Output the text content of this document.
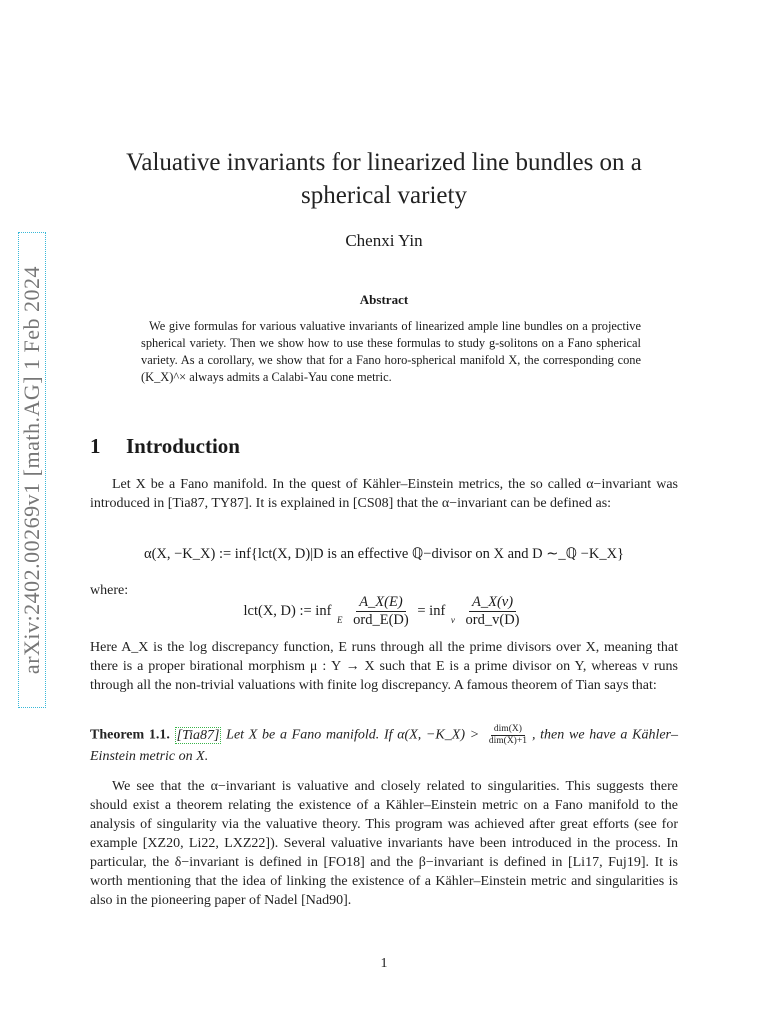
arXiv:2402.00269v1 [math.AG] 1 Feb 2024
Valuative invariants for linearized line bundles on a spherical variety
Chenxi Yin
Abstract
We give formulas for various valuative invariants of linearized ample line bundles on a projective spherical variety. Then we show how to use these formulas to study g-solitons on a Fano spherical variety. As a corollary, we show that for a Fano horo-spherical manifold X, the corresponding cone (K_X)^× always admits a Calabi-Yau cone metric.
1 Introduction
Let X be a Fano manifold. In the quest of Kähler–Einstein metrics, the so called α−invariant was introduced in [Tia87, TY87]. It is explained in [CS08] that the α−invariant can be defined as:
α(X, −K_X) := inf{lct(X, D)|D is an effective ℚ−divisor on X and D ∼_ℚ −K_X}
where:
lct(X, D) := inf
E
$\frac{A\_X(E)}{\text{ord\_E(D)}}$ = inf
v
$\frac{A\_X(v)}{\text{ord\_v(D)}}$
Here A_X is the log discrepancy function, E runs through all the prime divisors over X, meaning that there is a proper birational morphism μ : Y → X such that E is a prime divisor on Y, whereas v runs through all the non-trivial valuations with finite log discrepancy. A famous theorem of Tian says that:
Theorem 1.1. [Tia87] Let X be a Fano manifold. If α(X, −K_X) > $\frac{\text{dim(X)}}{\text{dim(X)+1}}$ , then we have a Kähler–Einstein metric on X.
We see that the α−invariant is valuative and closely related to singularities. This suggests there should exist a theorem relating the existence of a Kähler–Einstein metric on a Fano manifold to the analysis of singularity via the valuative theory. This program was achieved after great efforts (see for example [XZ20, Li22, LXZ22]). Several valuative invariants have been introduced in the process. In particular, the δ−invariant is defined in [FO18] and the β−invariant is defined in [Li17, Fuj19]. It is worth mentioning that the idea of linking the existence of a Kähler–Einstein metric and singularities is also in the pioneering paper of Nadel [Nad90].
1
